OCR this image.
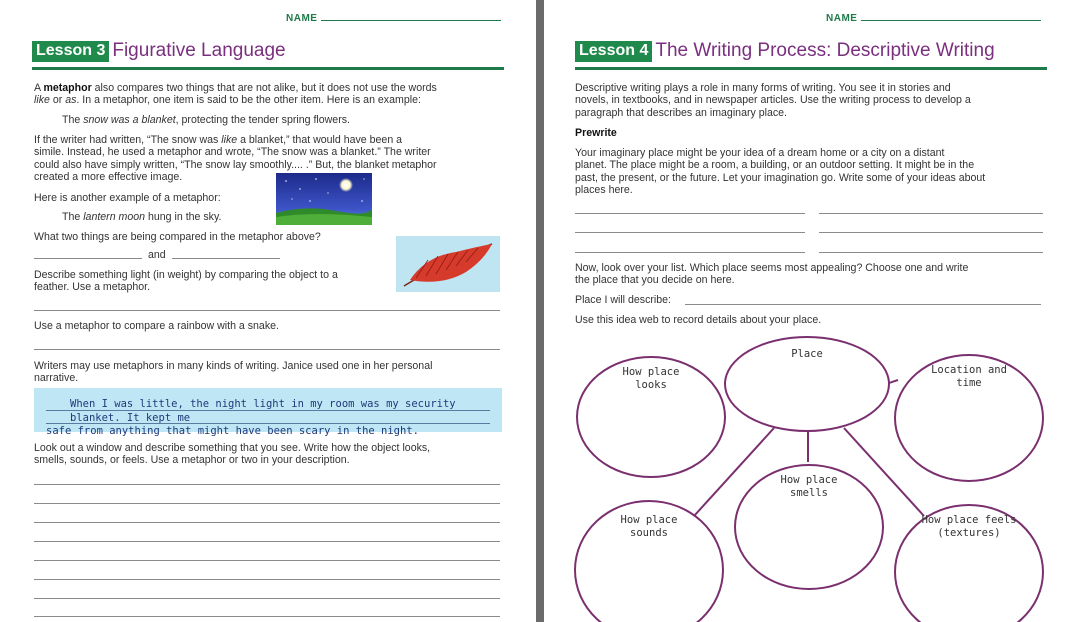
NAME
Lesson 3 Figurative Language
A metaphor also compares two things that are not alike, but it does not use the words
like or as. In a metaphor, one item is said to be the other item. Here is an example:
The snow was a blanket, protecting the tender spring flowers.
If the writer had written, “The snow was like a blanket,” that would have been a
simile. Instead, he used a metaphor and wrote, “The snow was a blanket.” The writer
could also have simply written, “The snow lay smoothly.... .” But, the blanket metaphor
created a more effective image.
Here is another example of a metaphor:
The lantern moon hung in the sky.
What two things are being compared in the metaphor above?
and
Describe something light (in weight) by comparing the object to a
feather. Use a metaphor.
Use a metaphor to compare a rainbow with a snake.
Writers may use metaphors in many kinds of writing. Janice used one in her personal
narrative.
When I was little, the night light in my room was my security blanket. It kept me
safe from anything that might have been scary in the night.
Look out a window and describe something that you see. Write how the object looks,
smells, sounds, or feels. Use a metaphor or two in your description.
NAME
Lesson 4 The Writing Process: Descriptive Writing
Descriptive writing plays a role in many forms of writing. You see it in stories and
novels, in textbooks, and in newspaper articles. Use the writing process to develop a
paragraph that describes an imaginary place.
Prewrite
Your imaginary place might be your idea of a dream home or a city on a distant
planet. The place might be a room, a building, or an outdoor setting. It might be in the
past, the present, or the future. Let your imagination go. Write some of your ideas about
places here.
Now, look over your list. Which place seems most appealing? Choose one and write
the place that you decide on here.
Place I will describe:
Use this idea web to record details about your place.
Place
How place
looks
Location and
time
How place
smells
How place
sounds
How place feels
(textures)
